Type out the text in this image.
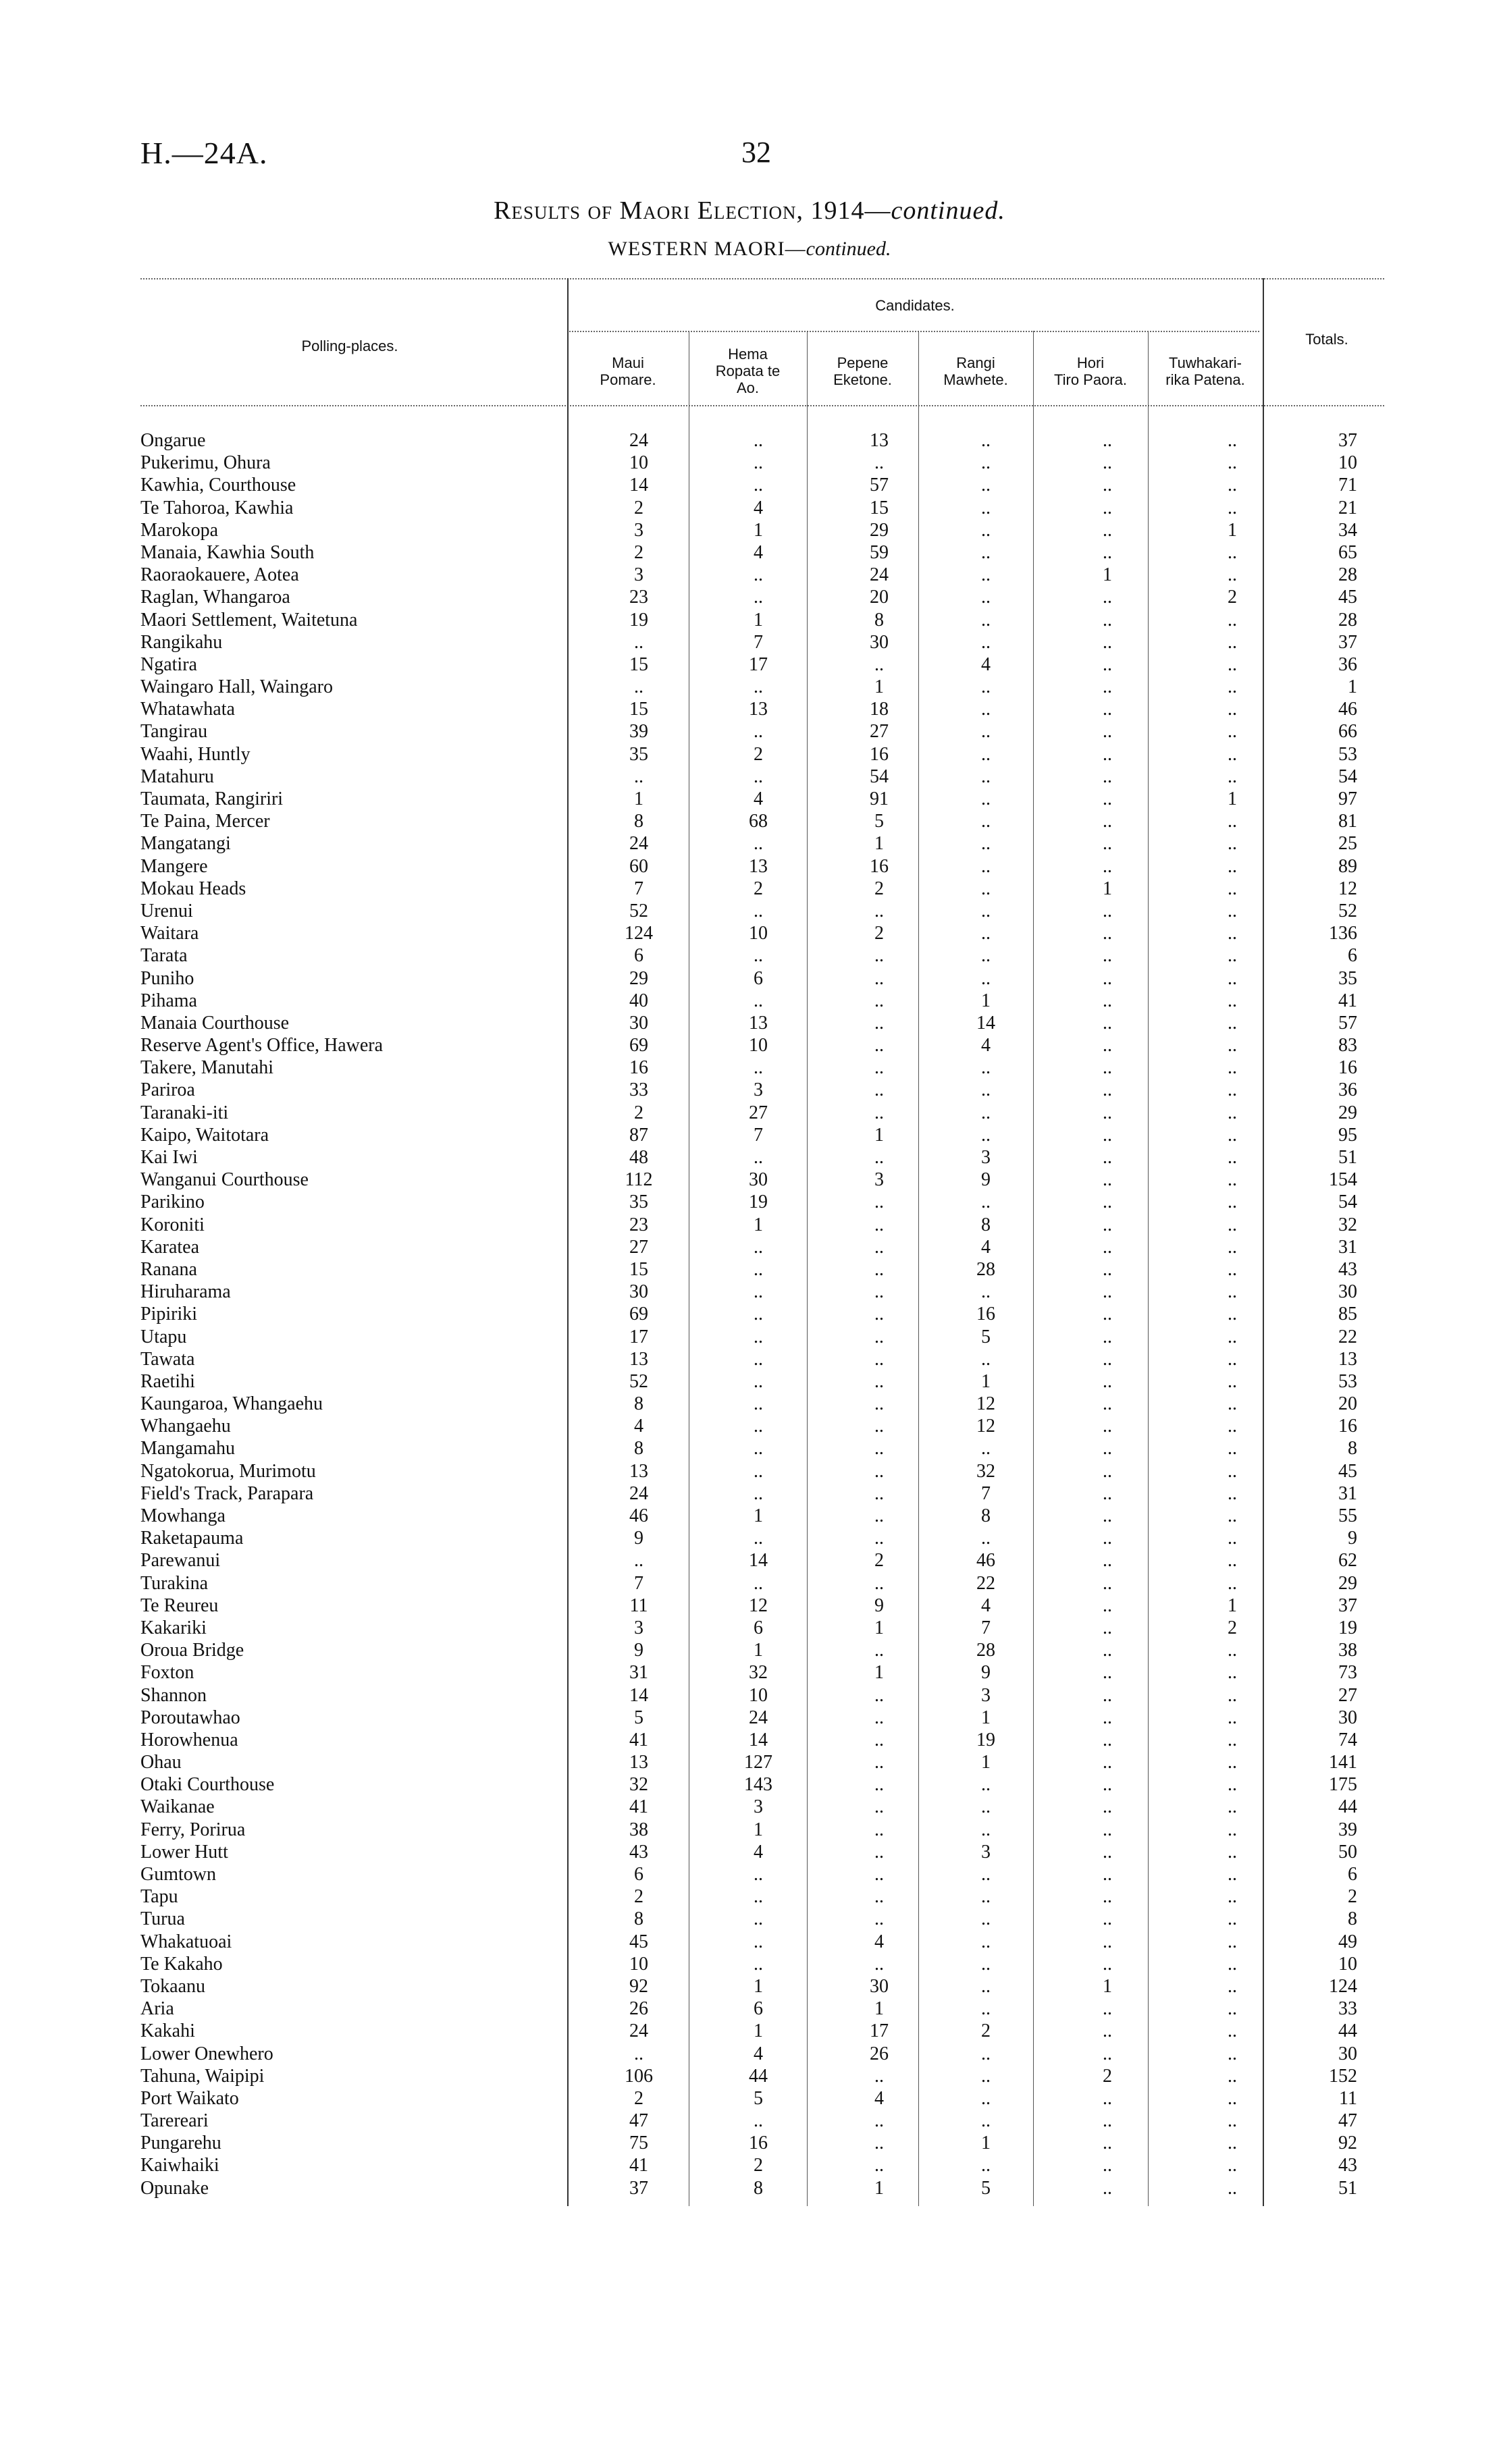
H.—24A.	32
Results of Maori Election, 1914—continued.
WESTERN MAORI—continued.
Polling-places.
Candidates.
Totals.
Maui
Pomare.
Hema
Ropata te
Ao.
Pepene
Eketone.
Rangi
Mawhete.
Hori
Tiro Paora.
Tuwhakari-
rika Patena.
Ongarue	24	..	13	..	..	..	37
Pukerimu, Ohura	10	..	..	..	..	..	10
Kawhia, Courthouse	14	..	57	..	..	..	71
Te Tahoroa, Kawhia	2	4	15	..	..	..	21
Marokopa	3	1	29	..	..	1	34
Manaia, Kawhia South	2	4	59	..	..	..	65
Raoraokauere, Aotea	3	..	24	..	1	..	28
Raglan, Whangaroa	23	..	20	..	..	2	45
Maori Settlement, Waitetuna	19	1	8	..	..	..	28
Rangikahu	..	7	30	..	..	..	37
Ngatira	15	17	..	4	..	..	36
Waingaro Hall, Waingaro	..	..	1	..	..	..	1
Whatawhata	15	13	18	..	..	..	46
Tangirau	39	..	27	..	..	..	66
Waahi, Huntly	35	2	16	..	..	..	53
Matahuru	..	..	54	..	..	..	54
Taumata, Rangiriri	1	4	91	..	..	1	97
Te Paina, Mercer	8	68	5	..	..	..	81
Mangatangi	24	..	1	..	..	..	25
Mangere	60	13	16	..	..	..	89
Mokau Heads	7	2	2	..	1	..	12
Urenui	52	..	..	..	..	..	52
Waitara	124	10	2	..	..	..	136
Tarata	6	..	..	..	..	..	6
Puniho	29	6	..	..	..	..	35
Pihama	40	..	..	1	..	..	41
Manaia Courthouse	30	13	..	14	..	..	57
Reserve Agent's Office, Hawera	69	10	..	4	..	..	83
Takere, Manutahi	16	..	..	..	..	..	16
Pariroa	33	3	..	..	..	..	36
Taranaki-iti	2	27	..	..	..	..	29
Kaipo, Waitotara	87	7	1	..	..	..	95
Kai Iwi	48	..	..	3	..	..	51
Wanganui Courthouse	112	30	3	9	..	..	154
Parikino	35	19	..	..	..	..	54
Koroniti	23	1	..	8	..	..	32
Karatea	27	..	..	4	..	..	31
Ranana	15	..	..	28	..	..	43
Hiruharama	30	..	..	..	..	..	30
Pipiriki	69	..	..	16	..	..	85
Utapu	17	..	..	5	..	..	22
Tawata	13	..	..	..	..	..	13
Raetihi	52	..	..	1	..	..	53
Kaungaroa, Whangaehu	8	..	..	12	..	..	20
Whangaehu	4	..	..	12	..	..	16
Mangamahu	8	..	..	..	..	..	8
Ngatokorua, Murimotu	13	..	..	32	..	..	45
Field's Track, Parapara	24	..	..	7	..	..	31
Mowhanga	46	1	..	8	..	..	55
Raketapauma	9	..	..	..	..	..	9
Parewanui	..	14	2	46	..	..	62
Turakina	7	..	..	22	..	..	29
Te Reureu	11	12	9	4	..	1	37
Kakariki	3	6	1	7	..	2	19
Oroua Bridge	9	1	..	28	..	..	38
Foxton	31	32	1	9	..	..	73
Shannon	14	10	..	3	..	..	27
Poroutawhao	5	24	..	1	..	..	30
Horowhenua	41	14	..	19	..	..	74
Ohau	13	127	..	1	..	..	141
Otaki Courthouse	32	143	..	..	..	..	175
Waikanae	41	3	..	..	..	..	44
Ferry, Porirua	38	1	..	..	..	..	39
Lower Hutt	43	4	..	3	..	..	50
Gumtown	6	..	..	..	..	..	6
Tapu	2	..	..	..	..	..	2
Turua	8	..	..	..	..	..	8
Whakatuoai	45	..	4	..	..	..	49
Te Kakaho	10	..	..	..	..	..	10
Tokaanu	92	1	30	..	1	..	124
Aria	26	6	1	..	..	..	33
Kakahi	24	1	17	2	..	..	44
Lower Onewhero	..	4	26	..	..	..	30
Tahuna, Waipipi	106	44	..	..	2	..	152
Port Waikato	2	5	4	..	..	..	11
Tarereari	47	..	..	..	..	..	47
Pungarehu	75	16	..	1	..	..	92
Kaiwhaiki	41	2	..	..	..	..	43
Opunake	37	8	1	5	..	..	51
